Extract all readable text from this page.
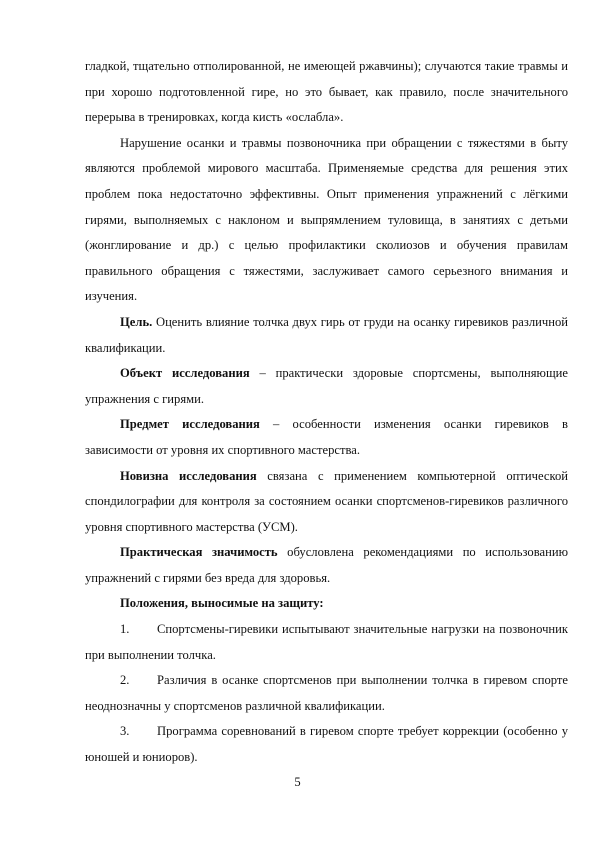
гладкой, тщательно отполированной, не имеющей ржавчины); случаются такие травмы и при хорошо подготовленной гире, но это бывает, как правило, после значительного перерыва в тренировках, когда кисть «ослабла».

Нарушение осанки и травмы позвоночника при обращении с тяжестями в быту являются проблемой мирового масштаба. Применяемые средства для решения этих проблем пока недостаточно эффективны. Опыт применения упражнений с лёгкими гирями, выполняемых с наклоном и выпрямлением туловища, в занятиях с детьми (жонглирование и др.) с целью профилактики сколиозов и обучения правилам правильного обращения с тяжестями, заслуживает самого серьезного внимания и изучения.

Цель. Оценить влияние толчка двух гирь от груди на осанку гиревиков различной квалификации.

Объект исследования – практически здоровые спортсмены, выполняющие упражнения с гирями.

Предмет исследования – особенности изменения осанки гиревиков в зависимости от уровня их спортивного мастерства.

Новизна исследования связана с применением компьютерной оптической спондилографии для контроля за состоянием осанки спортсменов-гиревиков различного уровня спортивного мастерства (УСМ).

Практическая значимость обусловлена рекомендациями по использованию упражнений с гирями без вреда для здоровья.

Положения, выносимые на защиту:

1. Спортсмены-гиревики испытывают значительные нагрузки на позвоночник при выполнении толчка.

2. Различия в осанке спортсменов при выполнении толчка в гиревом спорте неоднозначны у спортсменов различной квалификации.

3. Программа соревнований в гиревом спорте требует коррекции (особенно у юношей и юниоров).

5
